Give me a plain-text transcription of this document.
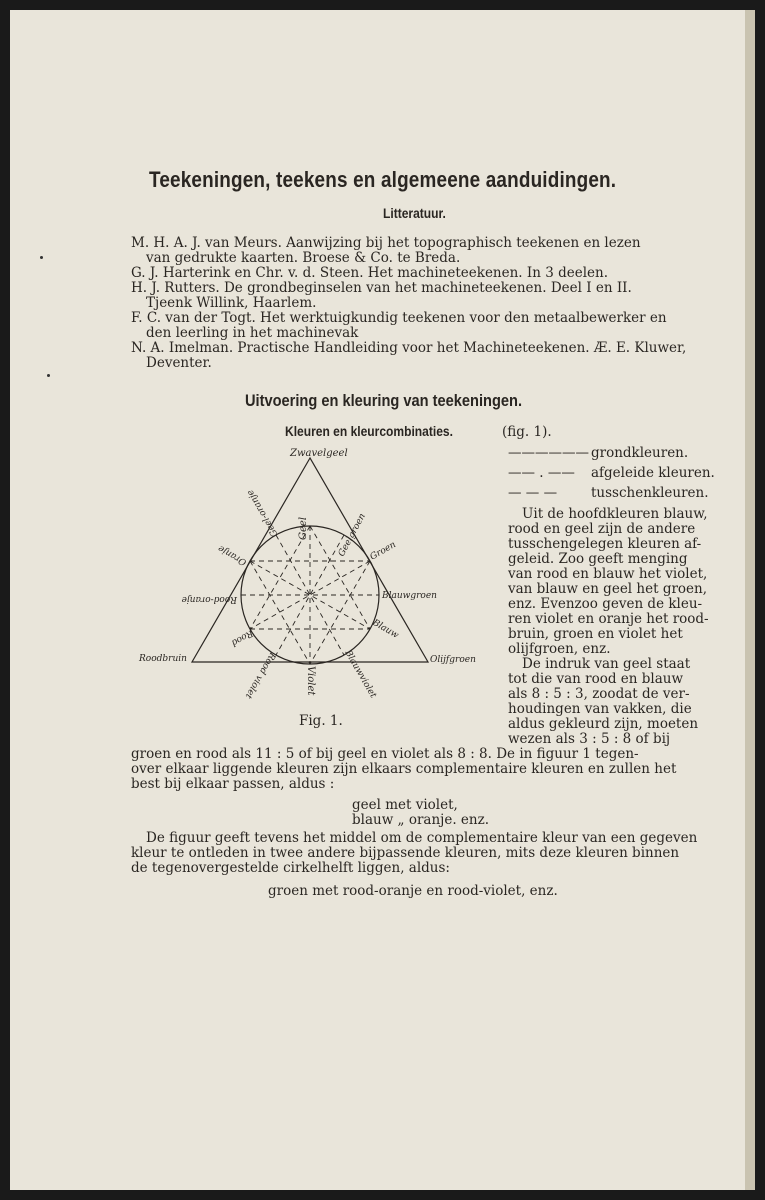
Teekeningen, teekens en algemeene aanduidingen.
Litteratuur.
M. H. A. J. van Meurs. Aanwijzing bij het topographisch teekenen en lezen
van gedrukte kaarten. Broese & Co. te Breda.
G. J. Harterink en Chr. v. d. Steen. Het machineteekenen. In 3 deelen.
H. J. Rutters. De grondbeginselen van het machineteekenen. Deel I en II.
Tjeenk Willink, Haarlem.
F. C. van der Togt. Het werktuigkundig teekenen voor den metaalbewerker en
den leerling in het machinevak
N. A. Imelman. Practische Handleiding voor het Machineteekenen. Æ. E. Kluwer,
Deventer.
Uitvoering en kleuring van teekeningen.
Kleuren en kleurcombinaties.	(fig. 1).
—————— grondkleuren.
—— . —— afgeleide kleuren.
— — —	tusschenkleuren.
Uit de hoofdkleuren blauw,
rood en geel zijn de andere
tusschengelegen kleuren af-
geleid. Zoo geeft menging
van rood en blauw het violet,
van blauw en geel het groen,
enz. Evenzoo geven de kleu-
ren violet en oranje het rood-
bruin, groen en violet het
olijfgroen, enz.
De indruk van geel staat
tot die van rood en blauw
als 8 : 5 : 3, zoodat de ver-
houdingen van vakken, die
aldus gekleurd zijn, moeten
wezen als 3 : 5 : 8 of bij
Zwavelgeel
Geel	Geelgroen Groen
Blauwgroen
Blauw
Blauwviolet
Violet
Rood violet
Rood
Rood-oranje
Oranje
Geel-oranje
Roodbruin	Olijfgroen
Fig. 1.
groen en rood als 11 : 5 of bij geel en violet als 8 : 8. De in figuur 1 tegen-
over elkaar liggende kleuren zijn elkaars complementaire kleuren en zullen het
best bij elkaar passen, aldus :
geel met violet,
blauw „ oranje. enz.
De figuur geeft tevens het middel om de complementaire kleur van een gegeven
kleur te ontleden in twee andere bijpassende kleuren, mits deze kleuren binnen
de tegenovergestelde cirkelhelft liggen, aldus:
groen met rood-oranje en rood-violet, enz.
